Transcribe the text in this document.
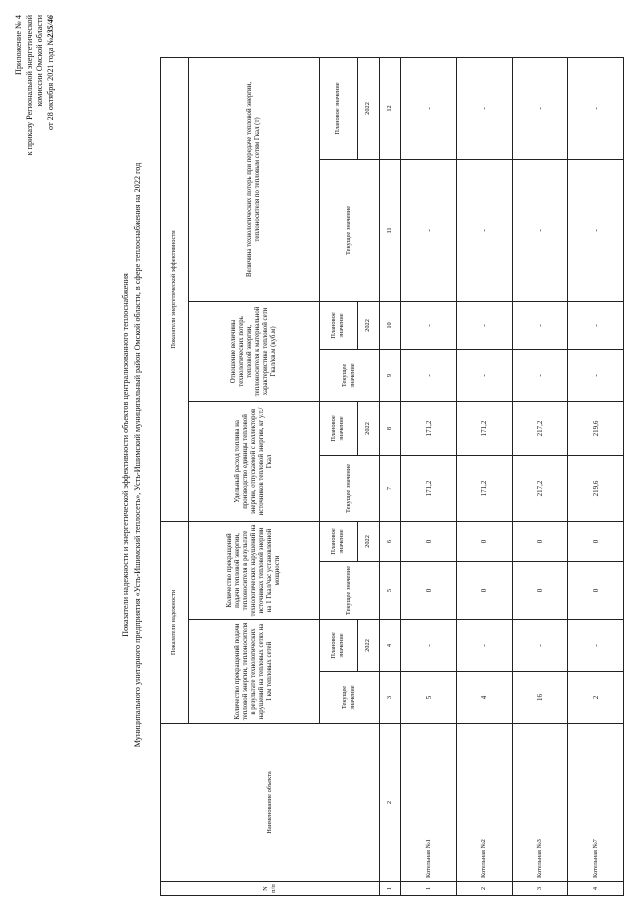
Приложение № 4 к приказу Региональной энергетической комиссии Омской области от 28 октября 2021 года №235/46
Показатели надежности и энергетической эффективности объектов централизованного теплоснабжения Муниципального унитарного предприятия «Усть-Ишимский теплосеть», Усть-Ишимский муниципальный район Омской области, в сфере теплоснабжения на 2022 год
N п/п	Наименование объекта	Показатели надежности				Показатели энергетической эффективности					
		Количество прекращений подачи тепловой энергии, теплоносителя в результате технологических нарушений на тепловых сетях на 1 км тепловых сетей		Количество прекращений подачи тепловой энергии, теплоносителя в результате технологических нарушений на источниках тепловой энергии на 1 Гкал/час установленной мощности		Удельный расход топлива на производство единицы тепловой энергии, отпускаемой с коллекторов источников тепловой энергии, кг у.т./Гкал		Отношение величины технологических потерь тепловой энергии, теплоносителя к материальной характеристике тепловой сети Гкал/кв.м (куб.м)		Величина технологических потерь при передаче тепловой энергии, теплоносителя по тепловым сетям Гкал (т)	
		Текущее значение	Плановое значение	Текущее значение	Плановое значение	Текущее значение	Плановое значение	Текущее значение	Плановое значение	Текущее значение	Плановое значение
			2022		2022		2022		2022		2022
1	2	3	4	5	6	7	8	9	10	11	12
1	Котельная №1	5	-	0	0	171,2	171,2	-	-	-	-
2	Котельная №2	4	-	0	0	171,2	171,2	-	-	-	-
3	Котельная №3	16	-	0	0	217,2	217,2	-	-	-	-
4	Котельная №7	2	-	0	0	219,6	219,6	-	-	-	-
